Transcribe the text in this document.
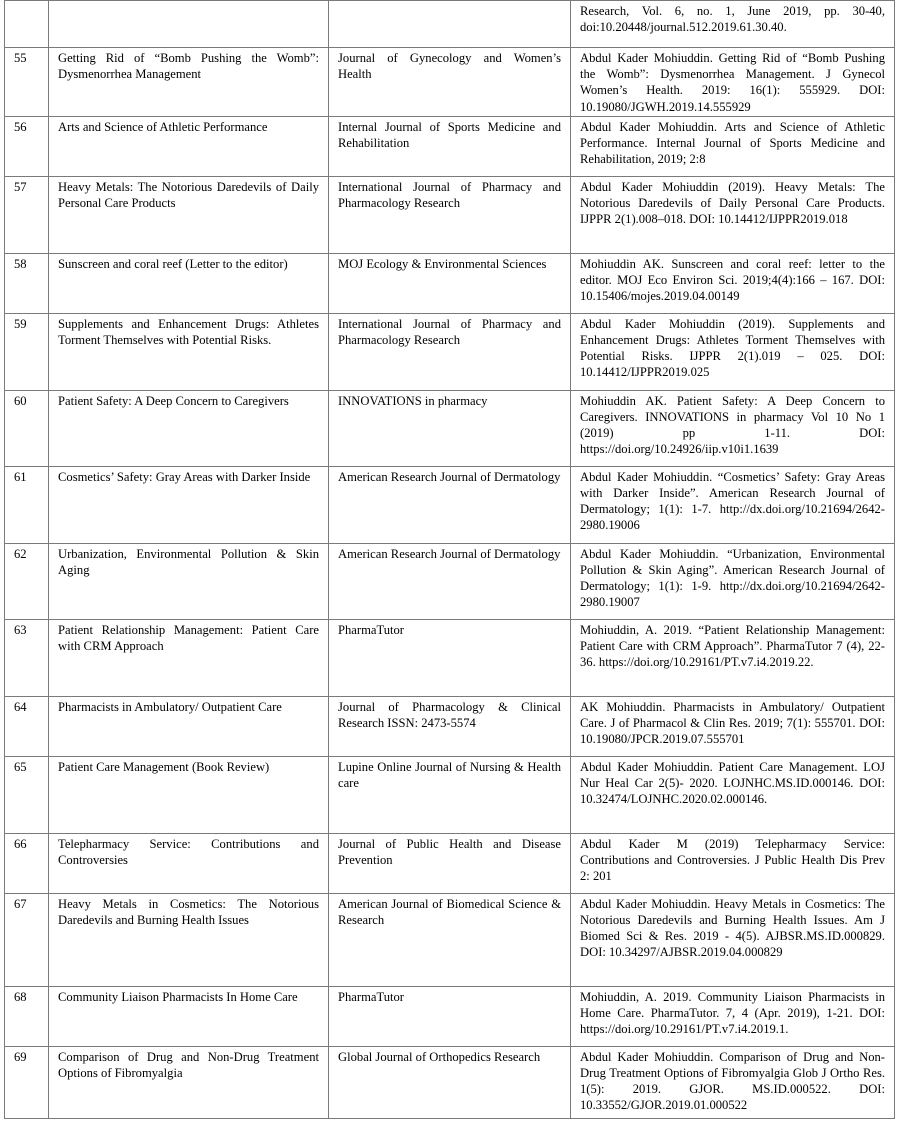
			Research, Vol. 6, no. 1, June 2019, pp. 30-40, doi:10.20448/journal.512.2019.61.30.40.
55	Getting Rid of “Bomb Pushing the Womb”: Dysmenorrhea Management	Journal of Gynecology and Women’s Health	Abdul Kader Mohiuddin. Getting Rid of “Bomb Pushing the Womb”: Dysmenorrhea Management. J Gynecol Women’s Health. 2019: 16(1): 555929. DOI: 10.19080/JGWH.2019.14.555929
56	Arts and Science of Athletic Performance	Internal Journal of Sports Medicine and Rehabilitation	Abdul Kader Mohiuddin. Arts and Science of Athletic Performance. Internal Journal of Sports Medicine and Rehabilitation, 2019; 2:8
57	Heavy Metals: The Notorious Daredevils of Daily Personal Care Products	International Journal of Pharmacy and Pharmacology Research	Abdul Kader Mohiuddin (2019). Heavy Metals: The Notorious Daredevils of Daily Personal Care Products. IJPPR 2(1).008–018. DOI: 10.14412/IJPPR2019.018
58	Sunscreen and coral reef (Letter to the editor)	MOJ Ecology & Environmental Sciences	Mohiuddin AK. Sunscreen and coral reef: letter to the editor. MOJ Eco Environ Sci. 2019;4(4):166 – 167. DOI: 10.15406/mojes.2019.04.00149
59	Supplements and Enhancement Drugs: Athletes Torment Themselves with Potential Risks.	International Journal of Pharmacy and Pharmacology Research	Abdul Kader Mohiuddin (2019). Supplements and Enhancement Drugs: Athletes Torment Themselves with Potential Risks. IJPPR 2(1).019 – 025. DOI: 10.14412/IJPPR2019.025
60	Patient Safety: A Deep Concern to Caregivers	INNOVATIONS in pharmacy	Mohiuddin AK. Patient Safety: A Deep Concern to Caregivers. INNOVATIONS in pharmacy Vol 10 No 1 (2019) pp 1-11. DOI: https://doi.org/10.24926/iip.v10i1.1639
61	Cosmetics’ Safety: Gray Areas with Darker Inside	American Research Journal of Dermatology	Abdul Kader Mohiuddin. “Cosmetics’ Safety: Gray Areas with Darker Inside”. American Research Journal of Dermatology; 1(1): 1-7. http://dx.doi.org/10.21694/2642-2980.19006
62	Urbanization, Environmental Pollution & Skin Aging	American Research Journal of Dermatology	Abdul Kader Mohiuddin. “Urbanization, Environmental Pollution & Skin Aging”. American Research Journal of Dermatology; 1(1): 1-9. http://dx.doi.org/10.21694/2642-2980.19007
63	Patient Relationship Management: Patient Care with CRM Approach	PharmaTutor	Mohiuddin, A. 2019. “Patient Relationship Management: Patient Care with CRM Approach”. PharmaTutor 7 (4), 22-36. https://doi.org/10.29161/PT.v7.i4.2019.22.
64	Pharmacists in Ambulatory/ Outpatient Care	Journal of Pharmacology & Clinical Research ISSN: 2473-5574	AK Mohiuddin. Pharmacists in Ambulatory/ Outpatient Care. J of Pharmacol & Clin Res. 2019; 7(1): 555701. DOI: 10.19080/JPCR.2019.07.555701
65	Patient Care Management (Book Review)	Lupine Online Journal of Nursing & Health care	Abdul Kader Mohiuddin. Patient Care Management. LOJ Nur Heal Car 2(5)- 2020. LOJNHC.MS.ID.000146. DOI: 10.32474/LOJNHC.2020.02.000146.
66	Telepharmacy Service: Contributions and Controversies	Journal of Public Health and Disease Prevention	Abdul Kader M (2019) Telepharmacy Service: Contributions and Controversies. J Public Health Dis Prev 2: 201
67	Heavy Metals in Cosmetics: The Notorious Daredevils and Burning Health Issues	American Journal of Biomedical Science & Research	Abdul Kader Mohiuddin. Heavy Metals in Cosmetics: The Notorious Daredevils and Burning Health Issues. Am J Biomed Sci & Res. 2019 - 4(5). AJBSR.MS.ID.000829. DOI: 10.34297/AJBSR.2019.04.000829
68	Community Liaison Pharmacists In Home Care	PharmaTutor	Mohiuddin, A. 2019. Community Liaison Pharmacists in Home Care. PharmaTutor. 7, 4 (Apr. 2019), 1-21. DOI: https://doi.org/10.29161/PT.v7.i4.2019.1.
69	Comparison of Drug and Non-Drug Treatment Options of Fibromyalgia	Global Journal of Orthopedics Research	Abdul Kader Mohiuddin. Comparison of Drug and Non-Drug Treatment Options of Fibromyalgia Glob J Ortho Res. 1(5): 2019. GJOR. MS.ID.000522. DOI: 10.33552/GJOR.2019.01.000522
